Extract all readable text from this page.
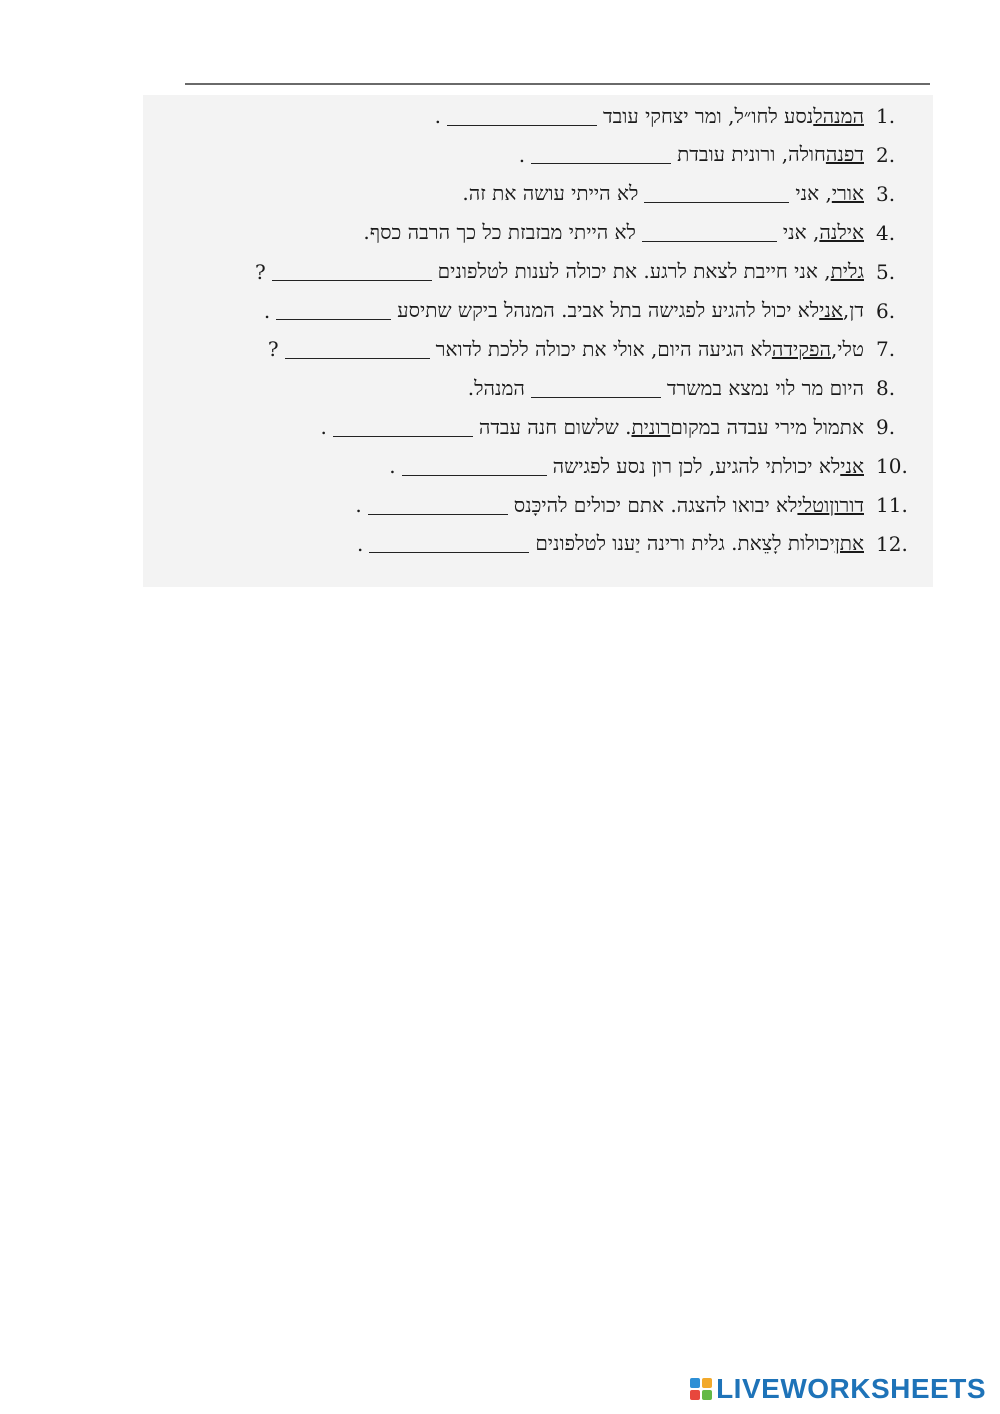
1.
המנהל
נסע לחו״ל, ומר יצחקי עובד
.
2.
דפנה
חולה, ורונית עובדת
.
3.
אורי
, אני
לא הייתי עושה את זה.
4.
אילנה
, אני
לא הייתי מבזבזת כל כך הרבה כסף.
5.
גלית
, אני חייבת לצאת לרגע. את יכולה לענות לטלפונים
?
6.
דן,
אני
לא יכול להגיע לפגישה בתל אביב. המנהל ביקש שתיסע
.
7.
טלי,
הפקידה
לא הגיעה היום, אולי את יכולה ללכת לדואר
?
8.
היום מר לוי נמצא במשרד
המנהל.
9.
אתמול מירי עבדה במקום
רונית
. שלשום חנה עבדה
.
10.
אני
לא יכולתי להגיע, לכן רון נסע לפגישה
.
11.
דורון
וטלי
לא יבואו להצגה. אתם יכולים להיכָּנס
.
12.
אתן
יכולות לָצֵאת. גלית ורינה יַענו לטלפונים
.
LIVEWORKSHEETS
